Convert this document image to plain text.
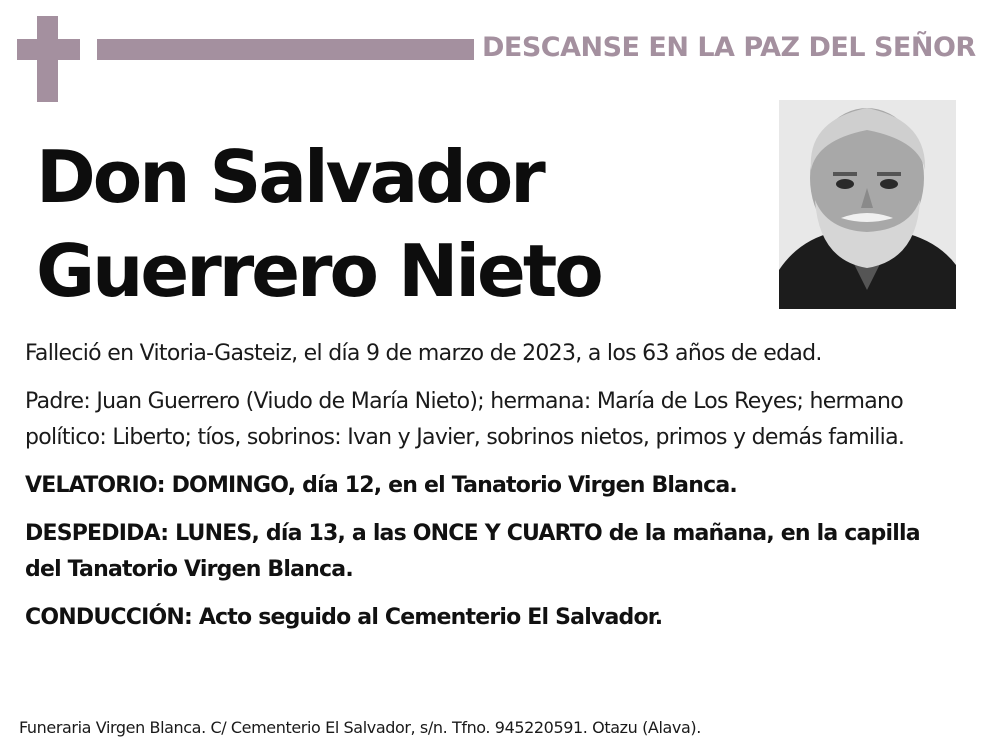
DESCANSE EN LA PAZ DEL SEÑOR
Don Salvador
Guerrero Nieto

Falleció en Vitoria-Gasteiz, el día 9 de marzo de 2023, a los 63 años de edad.

Padre: Juan Guerrero (Viudo de María Nieto); hermana: María de Los Reyes; hermano político: Liberto; tíos, sobrinos: Ivan y Javier, sobrinos nietos, primos y demás familia.

VELATORIO: DOMINGO, día 12, en el Tanatorio Virgen Blanca.

DESPEDIDA: LUNES, día 13, a las ONCE Y CUARTO de la mañana, en la capilla del Tanatorio Virgen Blanca.

CONDUCCIÓN: Acto seguido al Cementerio El Salvador.

Funeraria Virgen Blanca. C/ Cementerio El Salvador, s/n. Tfno. 945220591. Otazu (Alava).
